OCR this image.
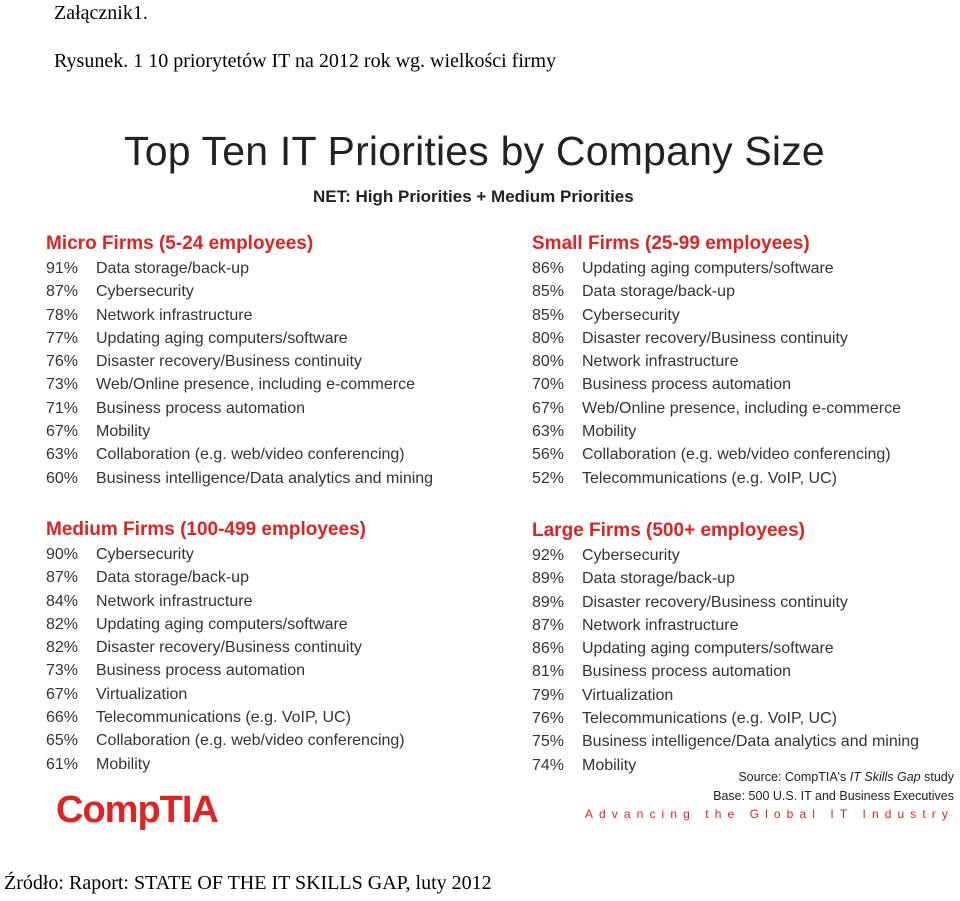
Załącznik1.
Rysunek. 1 10 priorytetów IT na 2012 rok wg. wielkości firmy
Top Ten IT Priorities by Company Size
NET: High Priorities + Medium Priorities
Micro Firms (5-24 employees)
91%	Data storage/back-up
87%	Cybersecurity
78%	Network infrastructure
77%	Updating aging computers/software
76%	Disaster recovery/Business continuity
73%	Web/Online presence, including e-commerce
71%	Business process automation
67%	Mobility
63%	Collaboration (e.g. web/video conferencing)
60%	Business intelligence/Data analytics and mining
Small Firms (25-99 employees)
86%	Updating aging computers/software
85%	Data storage/back-up
85%	Cybersecurity
80%	Disaster recovery/Business continuity
80%	Network infrastructure
70%	Business process automation
67%	Web/Online presence, including e-commerce
63%	Mobility
56%	Collaboration (e.g. web/video conferencing)
52%	Telecommunications (e.g. VoIP, UC)
Medium Firms (100-499 employees)
90%	Cybersecurity
87%	Data storage/back-up
84%	Network infrastructure
82%	Updating aging computers/software
82%	Disaster recovery/Business continuity
73%	Business process automation
67%	Virtualization
66%	Telecommunications (e.g. VoIP, UC)
65%	Collaboration (e.g. web/video conferencing)
61%	Mobility
Large Firms (500+ employees)
92%	Cybersecurity
89%	Data storage/back-up
89%	Disaster recovery/Business continuity
87%	Network infrastructure
86%	Updating aging computers/software
81%	Business process automation
79%	Virtualization
76%	Telecommunications (e.g. VoIP, UC)
75%	Business intelligence/Data analytics and mining
74%	Mobility
CompTIA
Source: CompTIA's IT Skills Gap study
Base: 500 U.S. IT and Business Executives
Advancing the Global IT Industry
Źródło: Raport: STATE OF THE IT SKILLS GAP, luty 2012
